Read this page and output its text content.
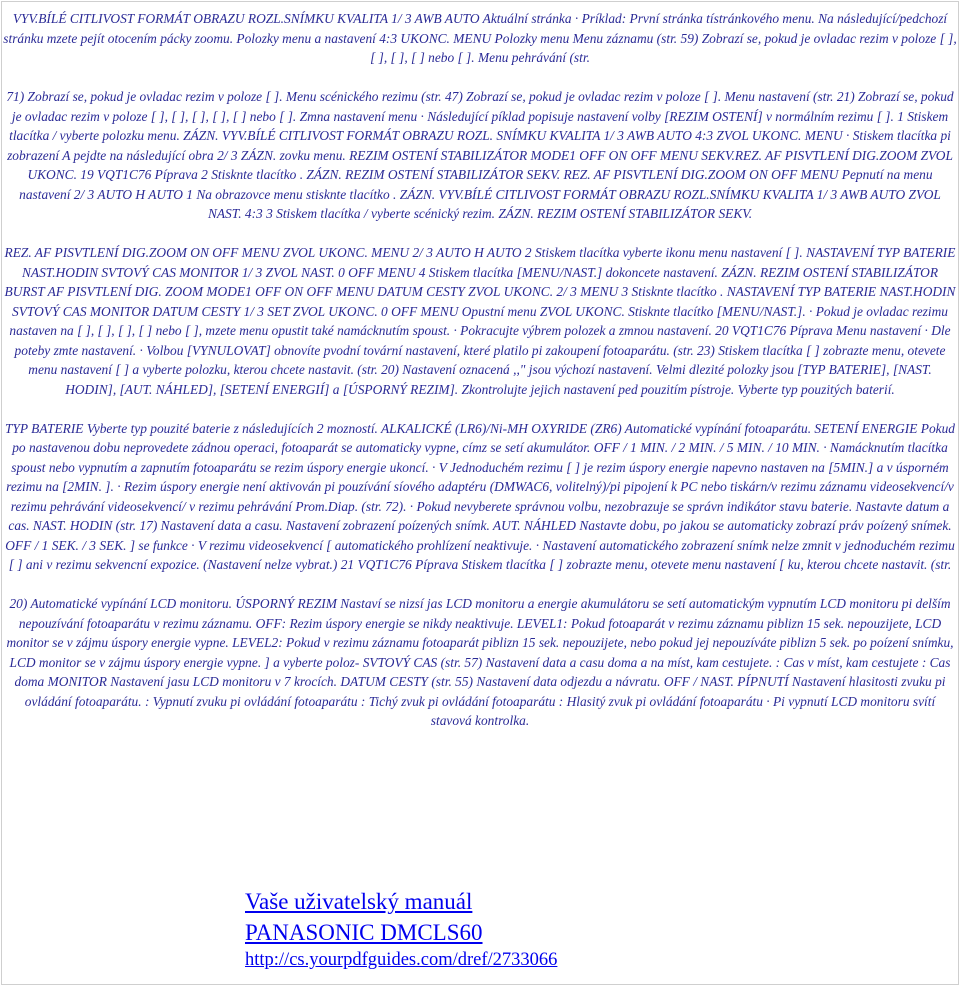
VYV.BÍLÉ CITLIVOST FORMÁT OBRAZU ROZL.SNÍMKU KVALITA 1/ 3 AWB AUTO Aktuální stránka · Príklad: První stránka tístránkového menu. Na následující/pedchozí stránku mzete pejít otocením pácky zoomu. Polozky menu a nastavení 4:3 UKONC. MENU Polozky menu Menu záznamu (str. 59) Zobrazí se, pokud je ovladac rezim v poloze [ ], [ ], [ ], [ ] nebo [ ]. Menu pehrávání (str.

71) Zobrazí se, pokud je ovladac rezim v poloze [ ]. Menu scénického rezimu (str. 47) Zobrazí se, pokud je ovladac rezim v poloze [ ]. Menu nastavení (str. 21) Zobrazí se, pokud je ovladac rezim v poloze [ ], [ ], [ ], [ ], [ ] nebo [ ]. Zmna nastavení menu · Následující píklad popisuje nastavení volby [REZIM OSTENÍ] v normálním rezimu [ ]. 1 Stiskem tlacítka / vyberte polozku menu. ZÁZN. VYV.BÍLÉ CITLIVOST FORMÁT OBRAZU ROZL. SNÍMKU KVALITA 1/ 3 AWB AUTO 4:3 ZVOL UKONC. MENU · Stiskem tlacítka pi zobrazení A pejdte na následující obra 2/ 3 ZÁZN. zovku menu. REZIM OSTENÍ STABILIZÁTOR MODE1 OFF ON OFF MENU SEKV.REZ. AF PISVTLENÍ DIG.ZOOM ZVOL UKONC. 19 VQT1C76 Píprava 2 Stisknte tlacítko . ZÁZN. REZIM OSTENÍ STABILIZÁTOR SEKV. REZ. AF PISVTLENÍ DIG.ZOOM ON OFF MENU Pepnutí na menu nastavení 2/ 3 AUTO H AUTO 1 Na obrazovce menu stisknte tlacítko . ZÁZN. VYV.BÍLÉ CITLIVOST FORMÁT OBRAZU ROZL.SNÍMKU KVALITA 1/ 3 AWB AUTO ZVOL NAST. 4:3 3 Stiskem tlacítka / vyberte scénický rezim. ZÁZN. REZIM OSTENÍ STABILIZÁTOR SEKV.

REZ. AF PISVTLENÍ DIG.ZOOM ON OFF MENU ZVOL UKONC. MENU 2/ 3 AUTO H AUTO 2 Stiskem tlacítka vyberte ikonu menu nastavení [ ]. NASTAVENÍ TYP BATERIE NAST.HODIN SVTOVÝ CAS MONITOR 1/ 3 ZVOL NAST. 0 OFF MENU 4 Stiskem tlacítka [MENU/NAST.] dokoncete nastavení. ZÁZN. REZIM OSTENÍ STABILIZÁTOR BURST AF PISVTLENÍ DIG. ZOOM MODE1 OFF ON OFF MENU DATUM CESTY ZVOL UKONC. 2/ 3 MENU 3 Stisknte tlacítko . NASTAVENÍ TYP BATERIE NAST.HODIN SVTOVÝ CAS MONITOR DATUM CESTY 1/ 3 SET ZVOL UKONC. 0 OFF MENU Opustní menu ZVOL UKONC. Stisknte tlacítko [MENU/NAST.]. · Pokud je ovladac rezimu nastaven na [ ], [ ], [ ], [ ] nebo [ ], mzete menu opustit také namácknutím spoust. · Pokracujte výbrem polozek a zmnou nastavení. 20 VQT1C76 Píprava Menu nastavení · Dle poteby zmte nastavení. · Volbou [VYNULOVAT] obnovíte pvodní tovární nastavení, které platilo pi zakoupení fotoaparátu. (str. 23) Stiskem tlacítka [ ] zobrazte menu, otevete menu nastavení [ ] a vyberte polozku, kterou chcete nastavit. (str. 20) Nastavení oznacená ,," jsou výchozí nastavení. Velmi dlezité polozky jsou [TYP BATERIE], [NAST. HODIN], [AUT. NÁHLED], [SETENÍ ENERGIÍ] a [ÚSPORNÝ REZIM]. Zkontrolujte jejich nastavení ped pouzitím pístroje. Vyberte typ pouzitých baterií.

TYP BATERIE Vyberte typ pouzité baterie z následujících 2 mozností. ALKALICKÉ (LR6)/Ni-MH OXYRIDE (ZR6) Automatické vypínání fotoaparátu. SETENÍ ENERGIE Pokud po nastavenou dobu neprovedete zádnou operaci, fotoaparát se automaticky vypne, címz se setí akumulátor. OFF / 1 MIN. / 2 MIN. / 5 MIN. / 10 MIN. · Namácknutím tlacítka spoust nebo vypnutím a zapnutím fotoaparátu se rezim úspory energie ukoncí. · V Jednoduchém rezimu [ ] je rezim úspory energie napevno nastaven na [5MIN.] a v úsporném rezimu na [2MIN. ]. · Rezim úspory energie není aktivován pi pouzívání síového adaptéru (DMWAC6, volitelný)/pi pipojení k PC nebo tiskárn/v rezimu záznamu videosekvencí/v rezimu pehrávání videosekvencí/ v rezimu pehrávání Prom.Diap. (str. 72). · Pokud nevyberete správnou volbu, nezobrazuje se správn indikátor stavu baterie. Nastavte datum a cas. NAST. HODIN (str. 17) Nastavení data a casu. Nastavení zobrazení poízených snímk. AUT. NÁHLED Nastavte dobu, po jakou se automaticky zobrazí práv poízený snímek. OFF / 1 SEK. / 3 SEK. ] se funkce · V rezimu videosekvencí [ automatického prohlízení neaktivuje. · Nastavení automatického zobrazení snímk nelze zmnit v jednoduchém rezimu [ ] ani v rezimu sekvencní expozice. (Nastavení nelze vybrat.) 21 VQT1C76 Píprava Stiskem tlacítka [ ] zobrazte menu, otevete menu nastavení [ ku, kterou chcete nastavit. (str.

20) Automatické vypínání LCD monitoru. ÚSPORNÝ REZIM Nastaví se nizsí jas LCD monitoru a energie akumulátoru se setí automatickým vypnutím LCD monitoru pi delším nepouzívání fotoaparátu v rezimu záznamu. OFF: Rezim úspory energie se nikdy neaktivuje. LEVEL1: Pokud fotoaparát v rezimu záznamu piblizn 15 sek. nepouzijete, LCD monitor se v zájmu úspory energie vypne. LEVEL2: Pokud v rezimu záznamu fotoaparát piblizn 15 sek. nepouzijete, nebo pokud jej nepouzíváte piblizn 5 sek. po poízení snímku, LCD monitor se v zájmu úspory energie vypne. ] a vyberte poloz- SVTOVÝ CAS (str. 57) Nastavení data a casu doma a na míst, kam cestujete. : Cas v míst, kam cestujete : Cas doma MONITOR Nastavení jasu LCD monitoru v 7 krocích. DATUM CESTY (str. 55) Nastavení data odjezdu a návratu. OFF / NAST. PÍPNUTÍ Nastavení hlasitosti zvuku pi ovládání fotoaparátu. : Vypnutí zvuku pi ovládání fotoaparátu : Tichý zvuk pi ovládání fotoaparátu : Hlasitý zvuk pi ovládání fotoaparátu · Pi vypnutí LCD monitoru svítí stavová kontrolka.

Vaše uživatelský manuál
PANASONIC DMCLS60
http://cs.yourpdfguides.com/dref/2733066
